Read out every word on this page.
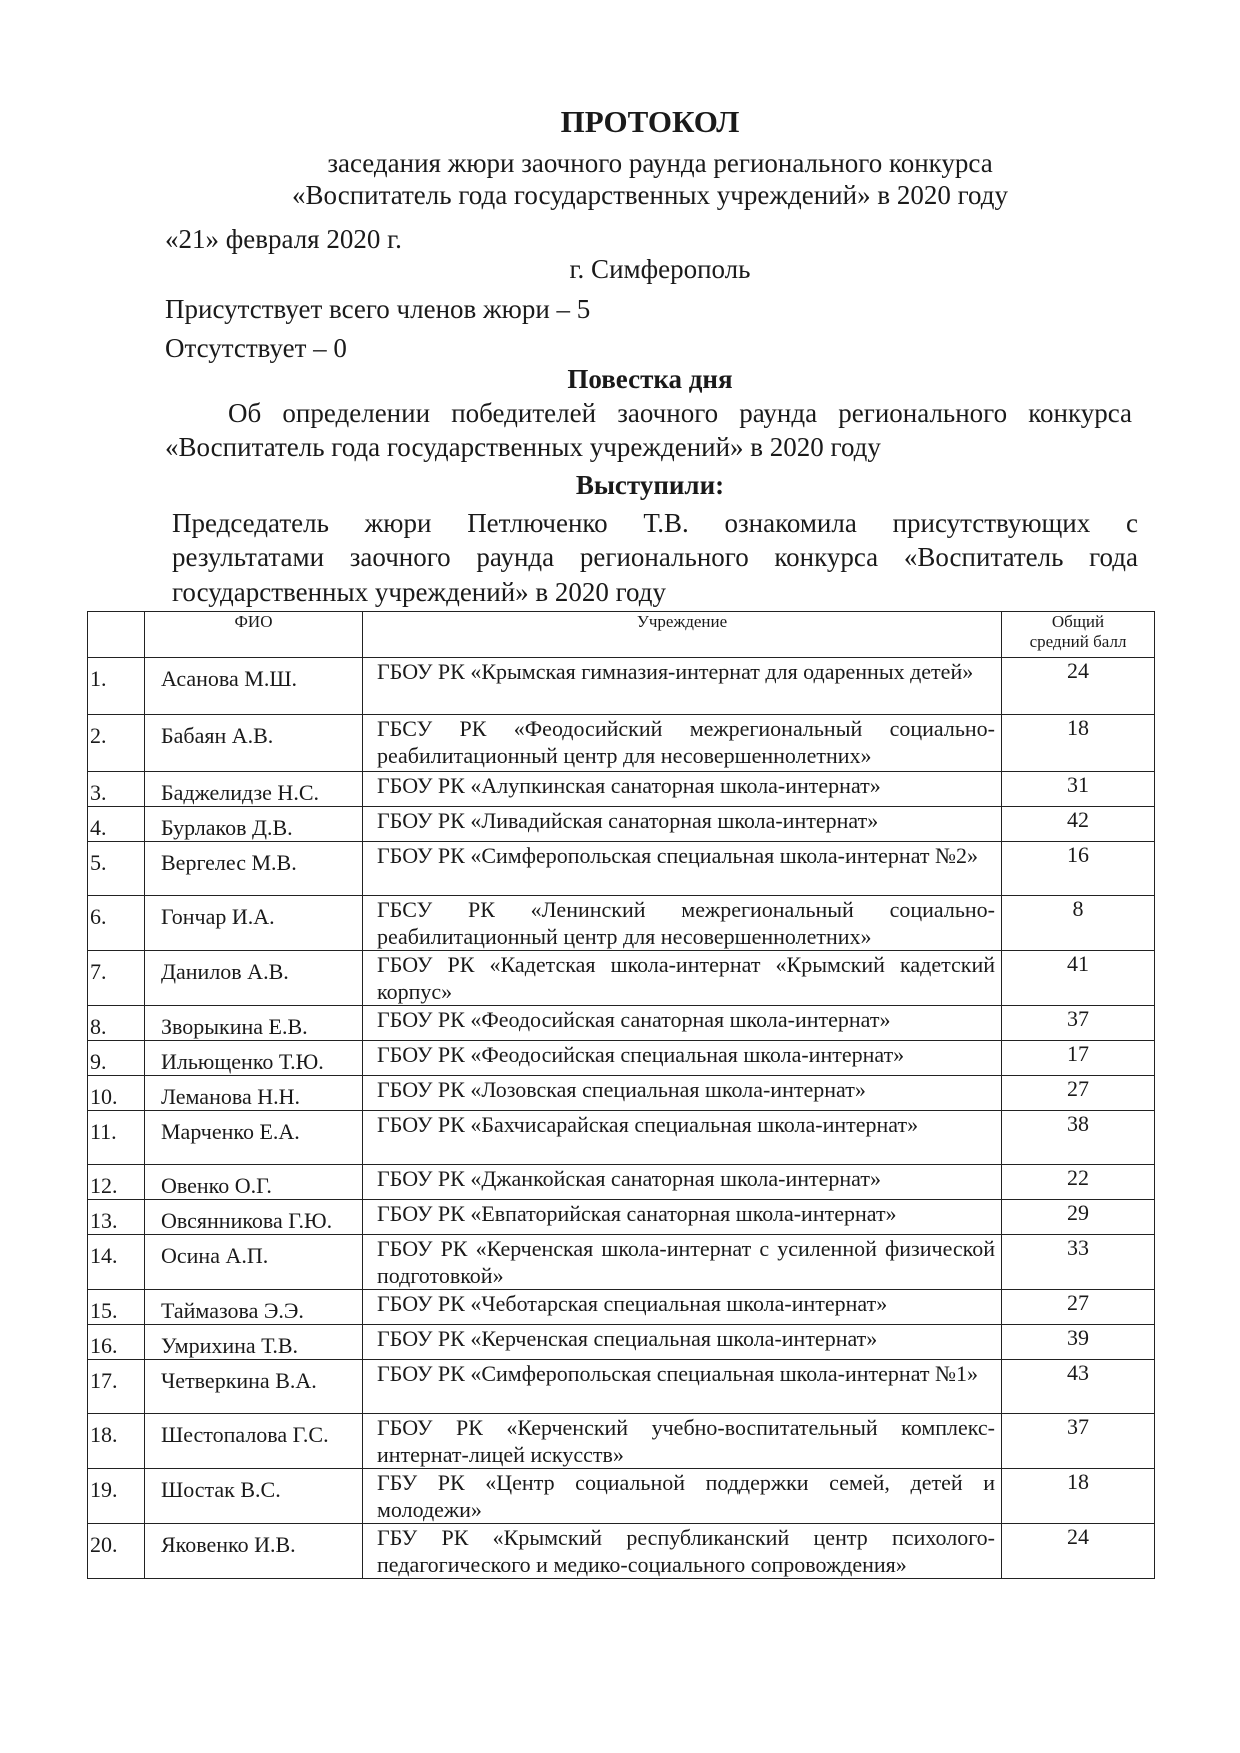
ПРОТОКОЛ
заседания жюри заочного раунда регионального конкурса
«Воспитатель года государственных учреждений» в 2020 году
«21» февраля 2020 г.
г. Симферополь
Присутствует всего членов жюри – 5
Отсутствует – 0
Повестка дня
Об определении победителей заочного раунда регионального конкурса
«Воспитатель года государственных учреждений» в 2020 году
Выступили:
Председатель жюри Петлюченко Т.В. ознакомила присутствующих с
результатами заочного раунда регионального конкурса «Воспитатель года
государственных учреждений» в 2020 году
	ФИО	Учреждение	Общий
средний балл

1.	Асанова М.Ш.	ГБОУ РК «Крымская гимназия-интернат для одаренных детей»	24
2.	Бабаян А.В.	ГБСУ РК «Феодосийский межрегиональный социально-реабилитационный центр для несовершеннолетних»	18
3.	Баджелидзе Н.С.	ГБОУ РК «Алупкинская санаторная школа-интернат»	31
4.	Бурлаков Д.В.	ГБОУ РК «Ливадийская санаторная школа-интернат»	42
5.	Вергелес М.В.	ГБОУ РК «Симферопольская специальная школа-интернат №2»	16
6.	Гончар И.А.	ГБСУ РК «Ленинский межрегиональный социально-реабилитационный центр для несовершеннолетних»	8
7.	Данилов А.В.	ГБОУ РК «Кадетская школа-интернат «Крымский кадетский корпус»	41
8.	Зворыкина Е.В.	ГБОУ РК «Феодосийская санаторная школа-интернат»	37
9.	Ильющенко Т.Ю.	ГБОУ РК «Феодосийская специальная школа-интернат»	17
10.	Леманова Н.Н.	ГБОУ РК «Лозовская специальная школа-интернат»	27
11.	Марченко Е.А.	ГБОУ РК «Бахчисарайская специальная школа-интернат»	38
12.	Овенко О.Г.	ГБОУ РК «Джанкойская санаторная школа-интернат»	22
13.	Овсянникова Г.Ю.	ГБОУ РК «Евпаторийская санаторная школа-интернат»	29
14.	Осина А.П.	ГБОУ РК «Керченская школа-интернат с усиленной физической подготовкой»	33
15.	Таймазова Э.Э.	ГБОУ РК «Чеботарская специальная школа-интернат»	27
16.	Умрихина Т.В.	ГБОУ РК «Керченская специальная школа-интернат»	39
17.	Четверкина В.А.	ГБОУ РК «Симферопольская специальная школа-интернат №1»	43
18.	Шестопалова Г.С.	ГБОУ РК «Керченский учебно-воспитательный комплекс-интернат-лицей искусств»	37
19.	Шостак В.С.	ГБУ РК «Центр социальной поддержки семей, детей и молодежи»	18
20.	Яковенко И.В.	ГБУ РК «Крымский республиканский центр психолого-педагогического и медико-социального сопровождения»	24
